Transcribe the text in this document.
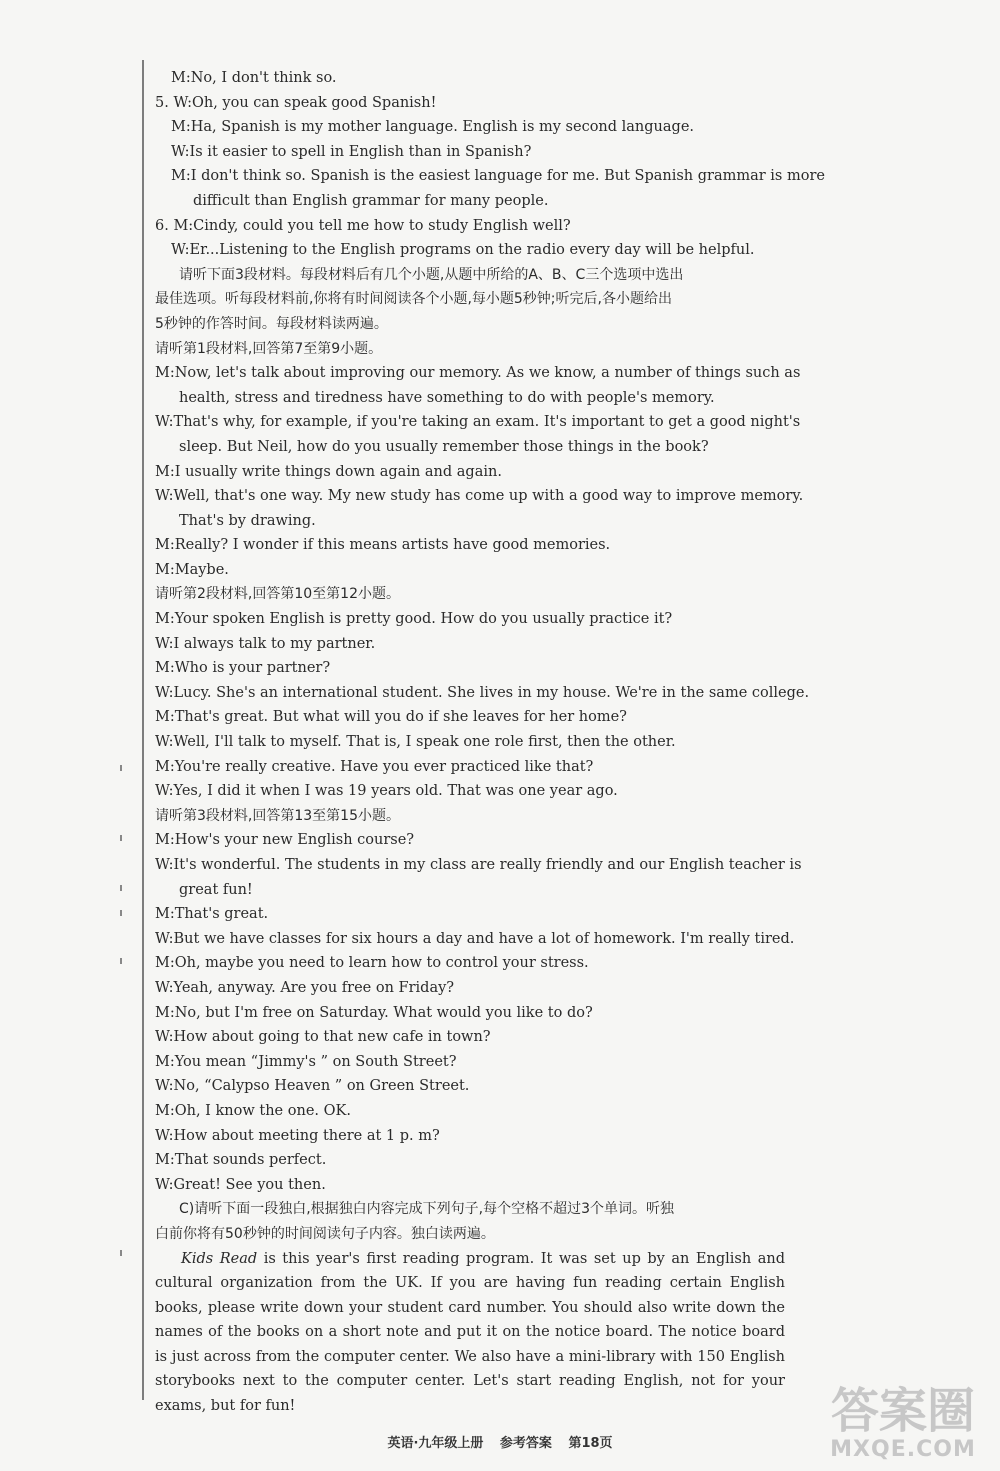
M:No, I don't think so.
5. W:Oh, you can speak good Spanish!
M:Ha, Spanish is my mother language. English is my second language.
W:Is it easier to spell in English than in Spanish?
M:I don't think so. Spanish is the easiest language for me. But Spanish grammar is more
difficult than English grammar for many people.
6. M:Cindy, could you tell me how to study English well?
W:Er...Listening to the English programs on the radio every day will be helpful.
请听下面3段材料。每段材料后有几个小题,从题中所给的A、B、C三个选项中选出
最佳选项。听每段材料前,你将有时间阅读各个小题,每小题5秒钟;听完后,各小题给出
5秒钟的作答时间。每段材料读两遍。
请听第1段材料,回答第7至第9小题。
M:Now, let's talk about improving our memory. As we know, a number of things such as
health, stress and tiredness have something to do with people's memory.
W:That's why, for example, if you're taking an exam. It's important to get a good night's
sleep. But Neil, how do you usually remember those things in the book?
M:I usually write things down again and again.
W:Well, that's one way. My new study has come up with a good way to improve memory.
That's by drawing.
M:Really? I wonder if this means artists have good memories.
M:Maybe.
请听第2段材料,回答第10至第12小题。
M:Your spoken English is pretty good. How do you usually practice it?
W:I always talk to my partner.
M:Who is your partner?
W:Lucy. She's an international student. She lives in my house. We're in the same college.
M:That's great. But what will you do if she leaves for her home?
W:Well, I'll talk to myself. That is, I speak one role first, then the other.
M:You're really creative. Have you ever practiced like that?
W:Yes, I did it when I was 19 years old. That was one year ago.
请听第3段材料,回答第13至第15小题。
M:How's your new English course?
W:It's wonderful. The students in my class are really friendly and our English teacher is
great fun!
M:That's great.
W:But we have classes for six hours a day and have a lot of homework. I'm really tired.
M:Oh, maybe you need to learn how to control your stress.
W:Yeah, anyway. Are you free on Friday?
M:No, but I'm free on Saturday. What would you like to do?
W:How about going to that new cafe in town?
M:You mean “Jimmy's ” on South Street?
W:No, “Calypso Heaven ” on Green Street.
M:Oh, I know the one. OK.
W:How about meeting there at 1 p. m?
M:That sounds perfect.
W:Great! See you then.
C)请听下面一段独白,根据独白内容完成下列句子,每个空格不超过3个单词。听独
白前你将有50秒钟的时间阅读句子内容。独白读两遍。
Kids Read is this year's first reading program. It was set up by an English and cultural organization from the UK. If you are having fun reading certain English books, please write down your student card number. You should also write down the names of the books on a short note and put it on the notice board. The notice board is just across from the computer center. We also have a mini-library with 150 English storybooks next to the computer center. Let's start reading English, not for your exams, but for fun!
英语·九年级上册 参考答案 第18页
答案圈
MXQE.COM
